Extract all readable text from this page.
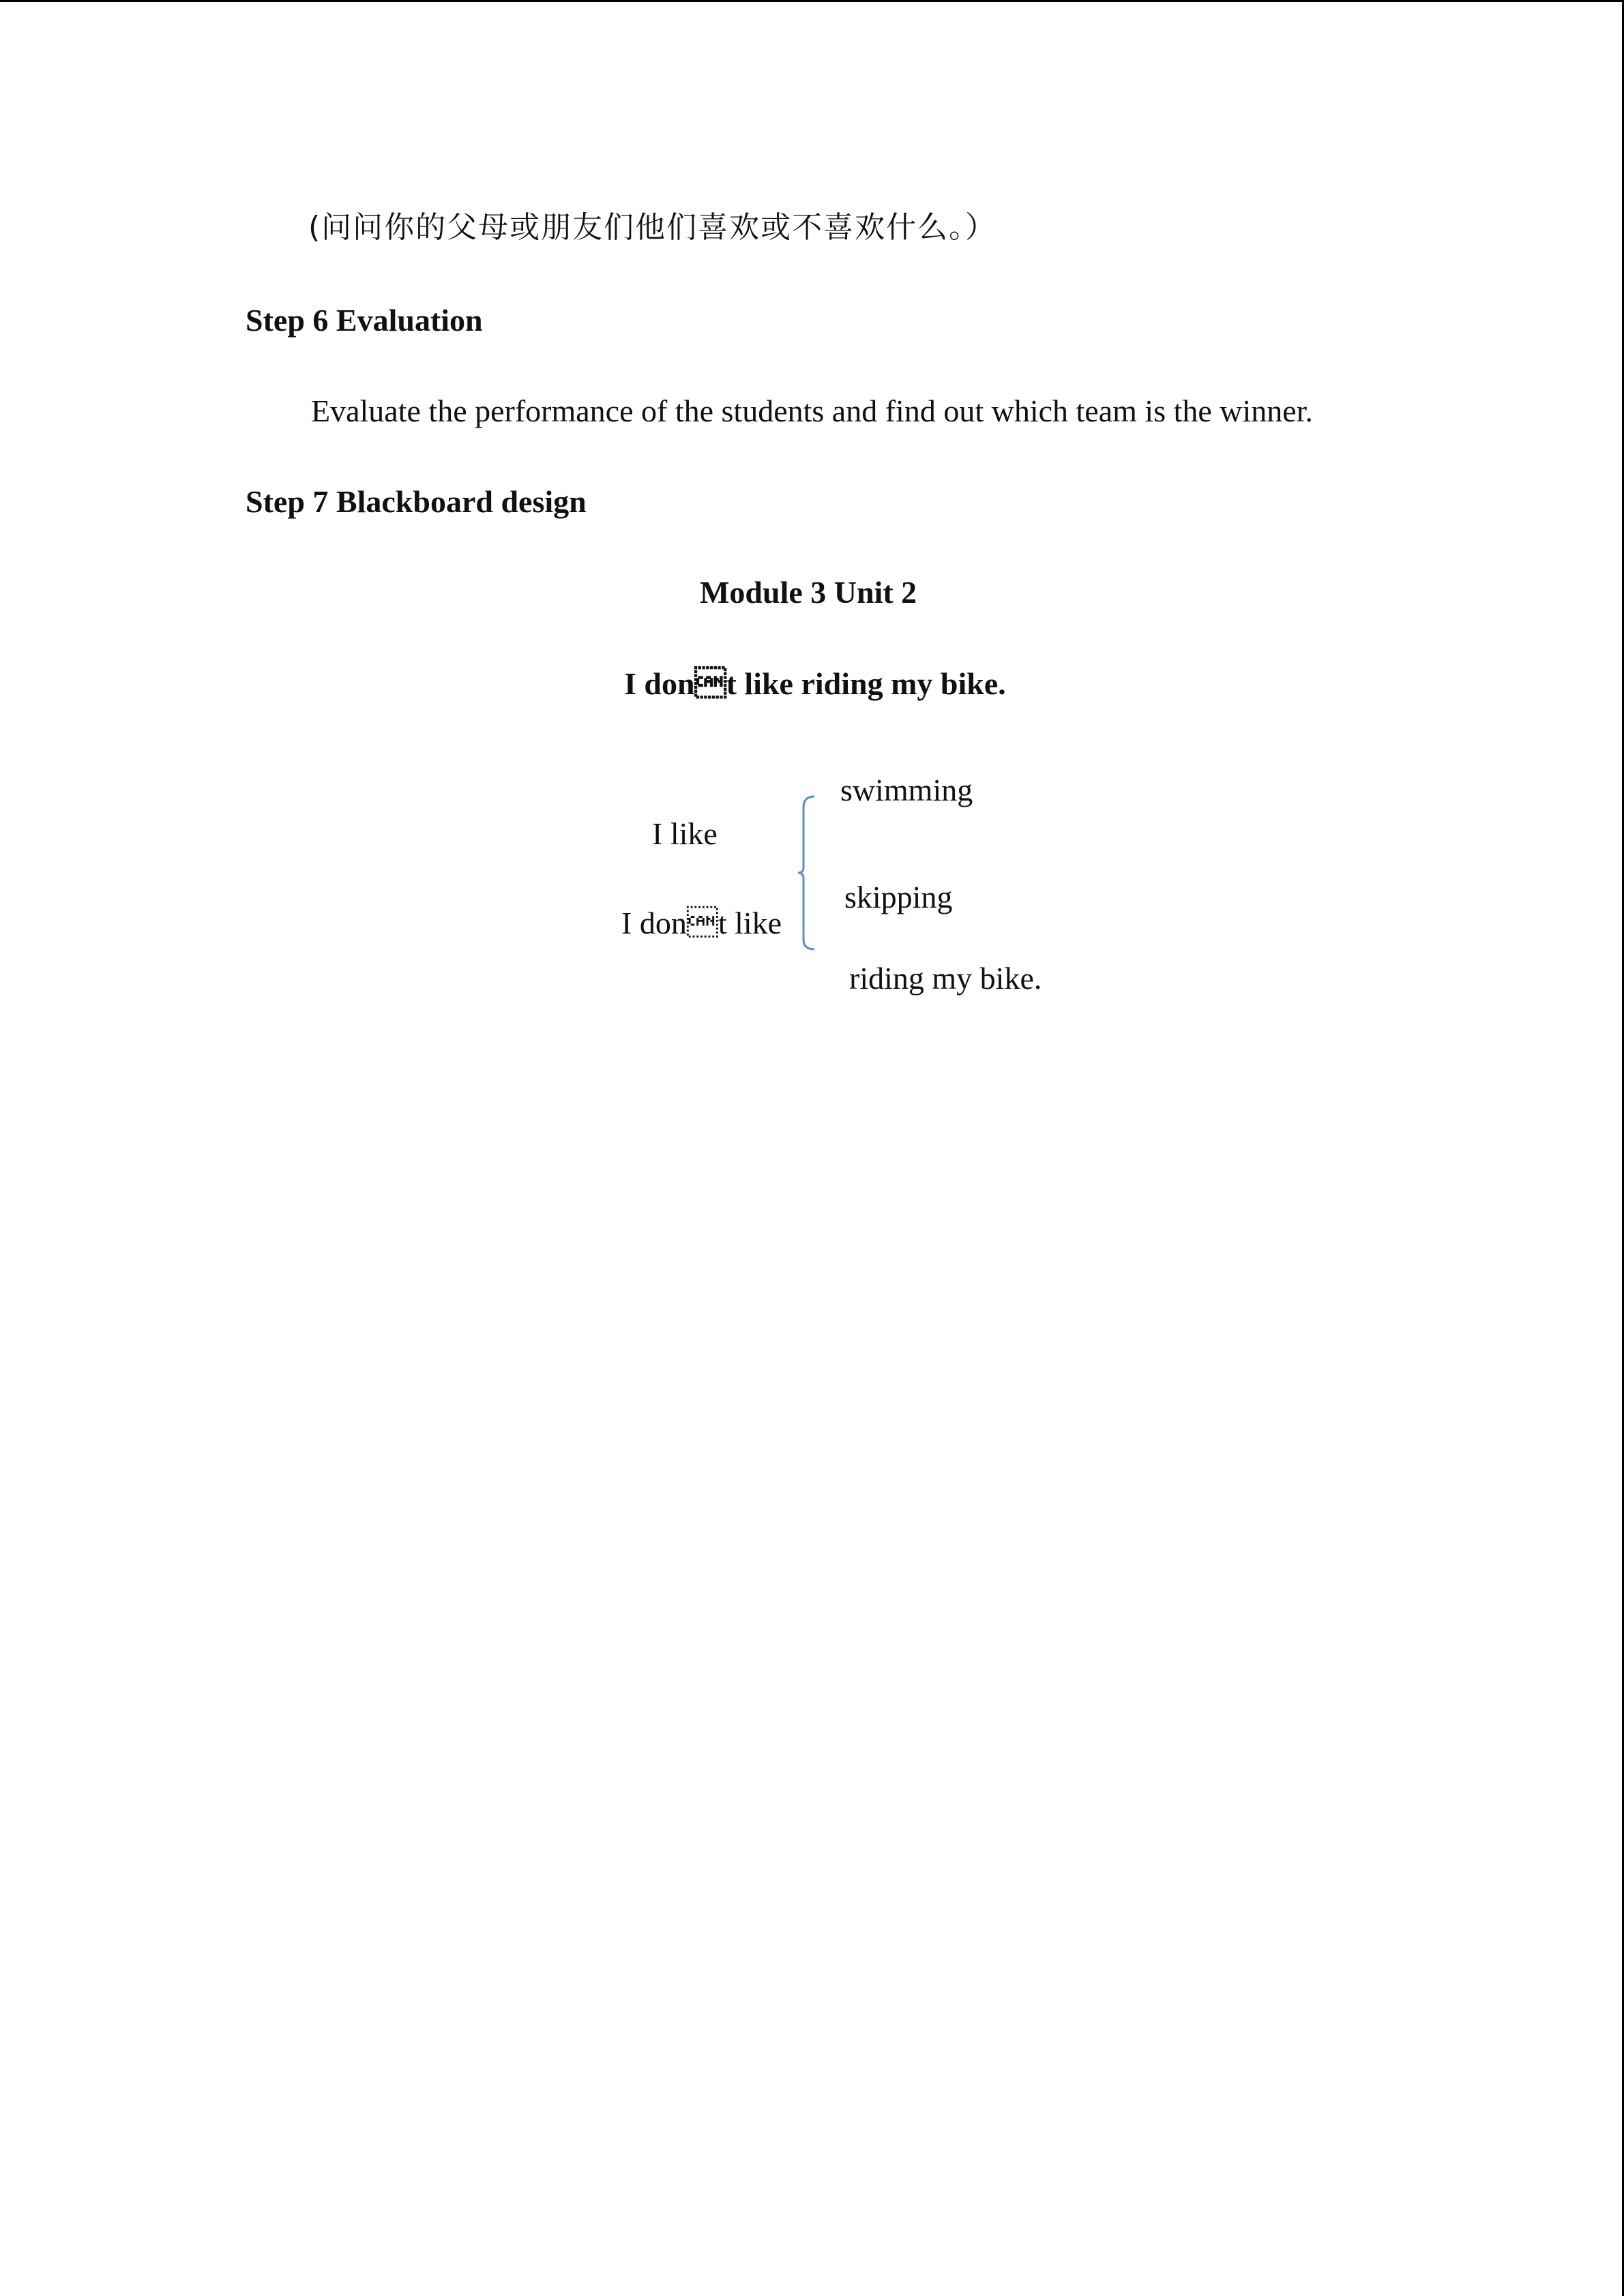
(问问你的父母或朋友们他们喜欢或不喜欢什么。）
Step 6 Evaluation
Evaluate the performance of the students and find out which team is the winner.
Step 7 Blackboard design
Module 3 Unit 2
I dont like riding my bike.
I like
I dont like
swimming
skipping
riding my bike.
